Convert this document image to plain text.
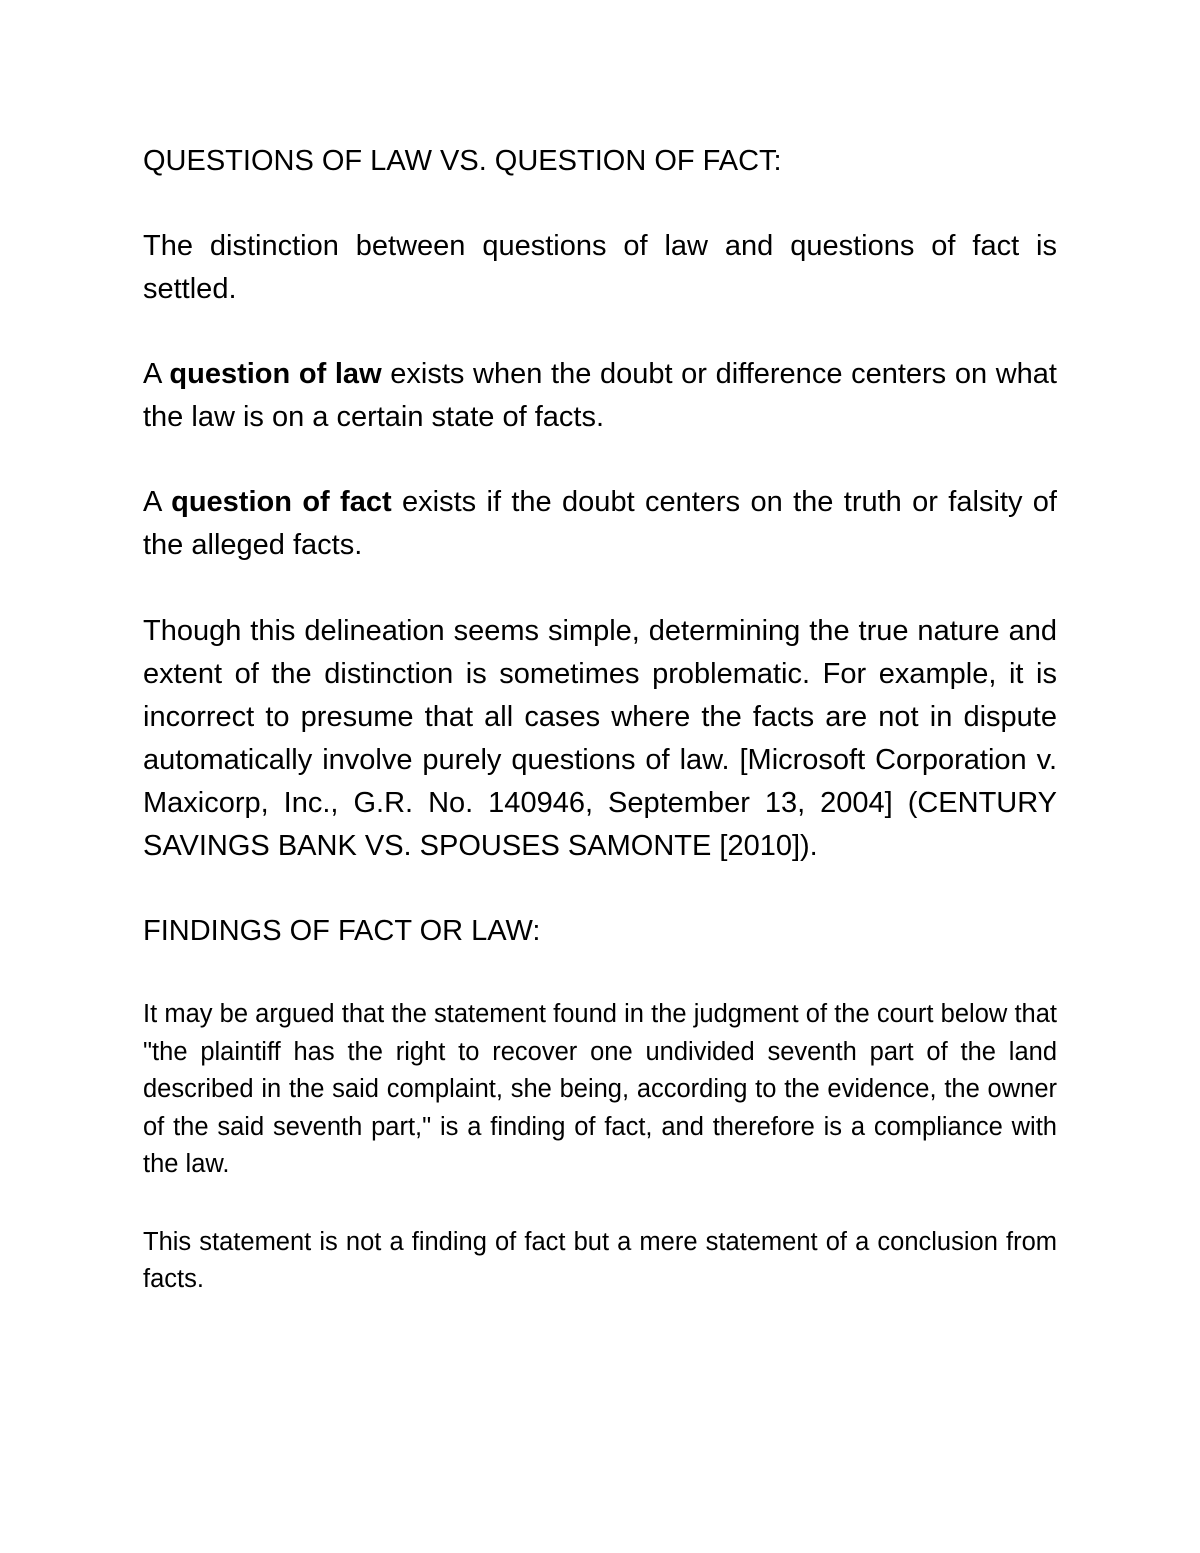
QUESTIONS OF LAW VS. QUESTION OF FACT:

The distinction between questions of law and questions of fact is settled.

A question of law exists when the doubt or difference centers on what the law is on a certain state of facts.

A question of fact exists if the doubt centers on the truth or falsity of the alleged facts.

Though this delineation seems simple, determining the true nature and extent of the distinction is sometimes problematic. For example, it is incorrect to presume that all cases where the facts are not in dispute automatically involve purely questions of law. [Microsoft Corporation v. Maxicorp, Inc., G.R. No. 140946, September 13, 2004] (CENTURY SAVINGS BANK VS. SPOUSES SAMONTE [2010]).

FINDINGS OF FACT OR LAW:

It may be argued that the statement found in the judgment of the court below that "the plaintiff has the right to recover one undivided seventh part of the land described in the said complaint, she being, according to the evidence, the owner of the said seventh part," is a finding of fact, and therefore is a compliance with the law.

This statement is not a finding of fact but a mere statement of a conclusion from facts.
